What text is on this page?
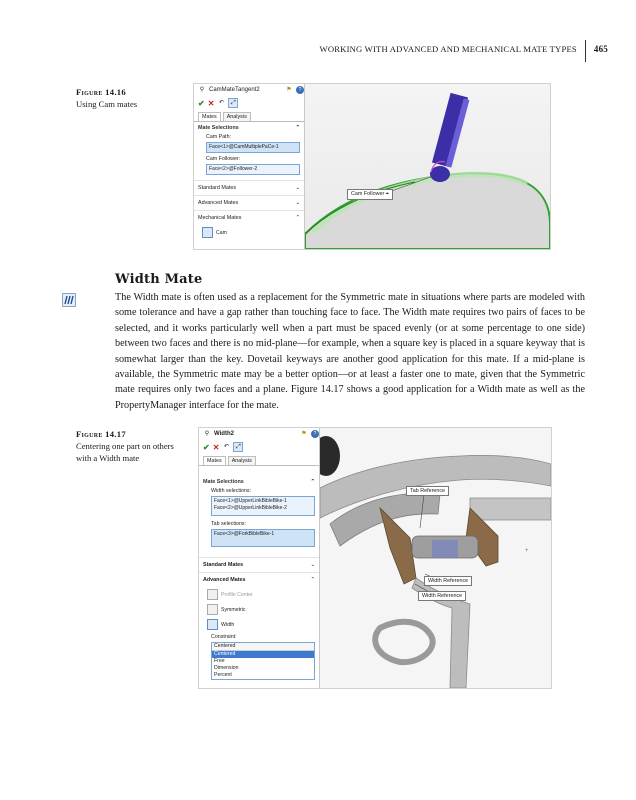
WORKING WITH ADVANCED AND MECHANICAL MATE TYPES 465
Figure 14.16
Using Cam mates
⚲ CamMateTangent2	⚑	?
✔ ✕ ↶	⤢
Mates	Analysis
Mate Selections	⌃
Cam Path:
Face<1>@CamMultiplePaCe-1
Cam Follower:
Face<2>@Follower-2
Standard Mates	⌄
Advanced Mates	⌄
Mechanical Mates	⌃
Cam
Cam Follower ⌖
Width Mate

The Width mate is often used as a replacement for the Symmetric mate in situations where parts are modeled with some tolerance and have a gap rather than touching face to face. The Width mate requires two pairs of faces to be selected, and it works particularly well when a part must be spaced evenly (or at some percentage to one side) between two faces and there is no mid-plane—for example, when a square key is placed in a square keyway that is somewhat larger than the key. Dovetail keyways are another good application for this mate. If a mid-plane is available, the Symmetric mate may be a better option—or at least a faster one to mate, given that the Symmetric mate requires only two faces and a plane. Figure 14.17 shows a good application for a Width mate as well as the PropertyManager interface for the mate.

Figure 14.17
Centering one part on others with a Width mate
⚲ Width2	⚑	?
✔ ✕ ↶	⤢
Mates	Analysis
Mate Selections	⌃
Width selections:
Face<1>@UpperLinkBibleBike-1
Face<2>@UpperLinkBibleBike-2
Tab selections:
Face<3>@ForkBibleBike-1
Standard Mates	⌄
Advanced Mates	⌃
Profile Center
Symmetric
Width
Constraint:
Centered
Centered
Free
Dimension
Percent
+
Tab Reference
Width Reference
Width Reference
